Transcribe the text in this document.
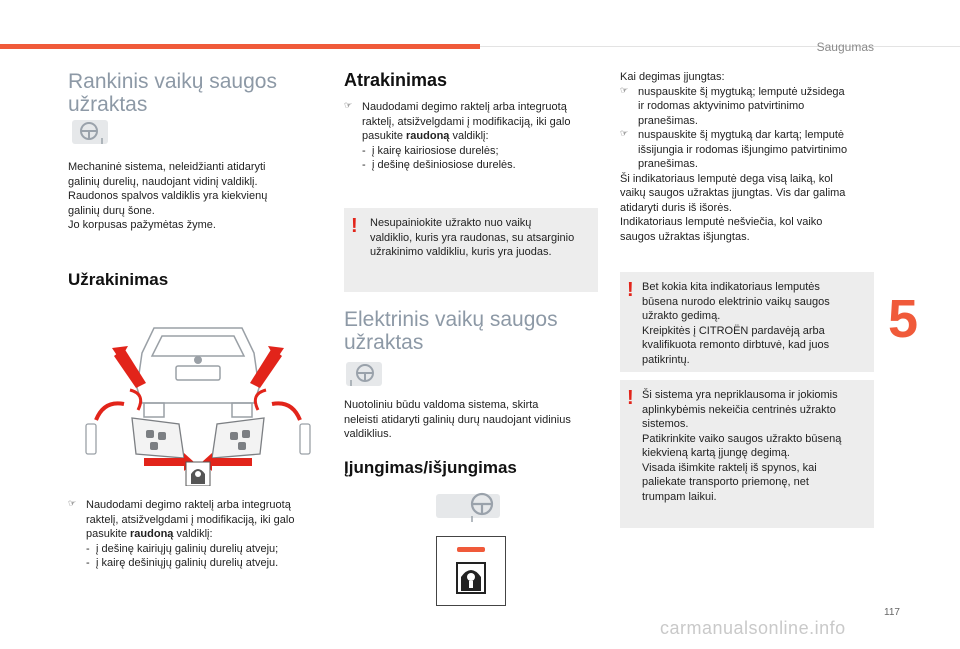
Saugumas
5
117
carmanualsonline.info
Rankinis vaikų saugos
užraktas
Mechaninė sistema, neleidžianti atidaryti
galinių durelių, naudojant vidinį valdiklį.
Raudonos spalvos valdiklis yra kiekvienų
galinių durų šone.
Jo korpusas pažymėtas žyme.
Užrakinimas
☞ Naudodami degimo raktelį arba integruotą
raktelį, atsižvelgdami į modifikaciją, iki galo
pasukite raudoną valdiklį:
- į dešinę kairiųjų galinių durelių atveju;
- į kairę dešiniųjų galinių durelių atveju.
Atrakinimas
☞ Naudodami degimo raktelį arba integruotą
raktelį, atsižvelgdami į modifikaciją, iki galo
pasukite raudoną valdiklį:
- į kairę kairiosiose durelės;
- į dešinę dešiniosiose durelės.
! Nesupainiokite užrakto nuo vaikų
valdiklio, kuris yra raudonas, su atsarginio
užrakinimo valdikliu, kuris yra juodas.
Elektrinis vaikų saugos
užraktas
Nuotoliniu būdu valdoma sistema, skirta
neleisti atidaryti galinių durų naudojant vidinius
valdiklius.
Įjungimas/išjungimas
Kai degimas įjungtas:
☞ nuspauskite šį mygtuką; lemputė užsidega
ir rodomas aktyvinimo patvirtinimo
pranešimas.
☞ nuspauskite šį mygtuką dar kartą; lemputė
išsijungia ir rodomas išjungimo patvirtinimo
pranešimas.
Ši indikatoriaus lemputė dega visą laiką, kol
vaikų saugos užraktas įjungtas. Vis dar galima
atidaryti duris iš išorės.
Indikatoriaus lemputė nešviečia, kol vaiko
saugos užraktas išjungtas.
! Bet kokia kita indikatoriaus lemputės
būsena nurodo elektrinio vaikų saugos
užrakto gedimą.
Kreipkitės į CITROËN pardavėją arba
kvalifikuota remonto dirbtuvė, kad juos
patikrintų.
! Ši sistema yra nepriklausoma ir jokiomis
aplinkybėmis nekeičia centrinės užrakto
sistemos.
Patikrinkite vaiko saugos užrakto būseną
kiekvieną kartą įjungę degimą.
Visada išimkite raktelį iš spynos, kai
paliekate transporto priemonę, net
trumpam laikui.
